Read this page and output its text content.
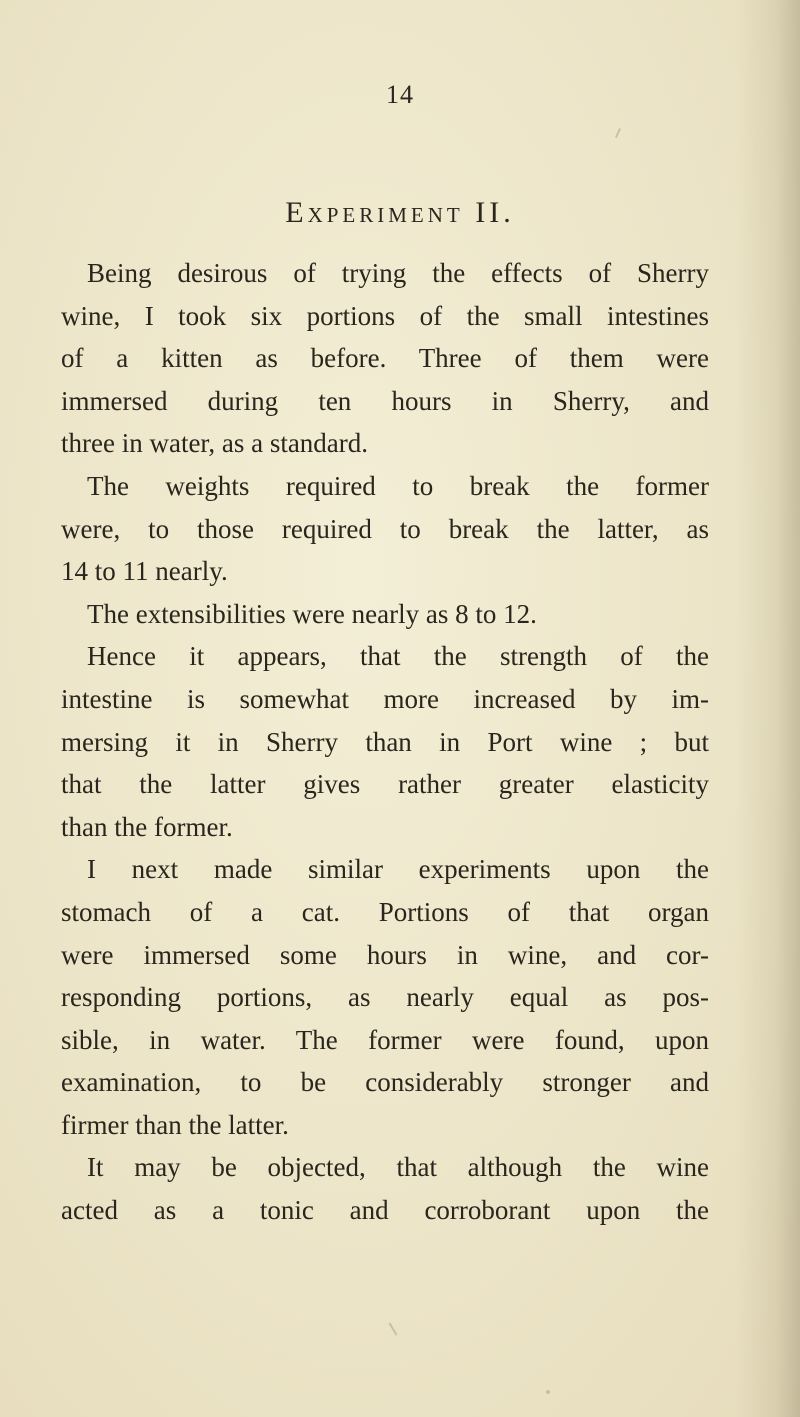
14
Experiment II.
Being desirous of trying the effects of Sherry
wine, I took six portions of the small intestines
of a kitten as before. Three of them were
immersed during ten hours in Sherry, and
three in water, as a standard.
The weights required to break the former
were, to those required to break the latter, as
14 to 11 nearly.
The extensibilities were nearly as 8 to 12.
Hence it appears, that the strength of the
intestine is somewhat more increased by im-
mersing it in Sherry than in Port wine ; but
that the latter gives rather greater elasticity
than the former.
I next made similar experiments upon the
stomach of a cat. Portions of that organ
were immersed some hours in wine, and cor-
responding portions, as nearly equal as pos-
sible, in water. The former were found, upon
examination, to be considerably stronger and
firmer than the latter.
It may be objected, that although the wine
acted as a tonic and corroborant upon the
